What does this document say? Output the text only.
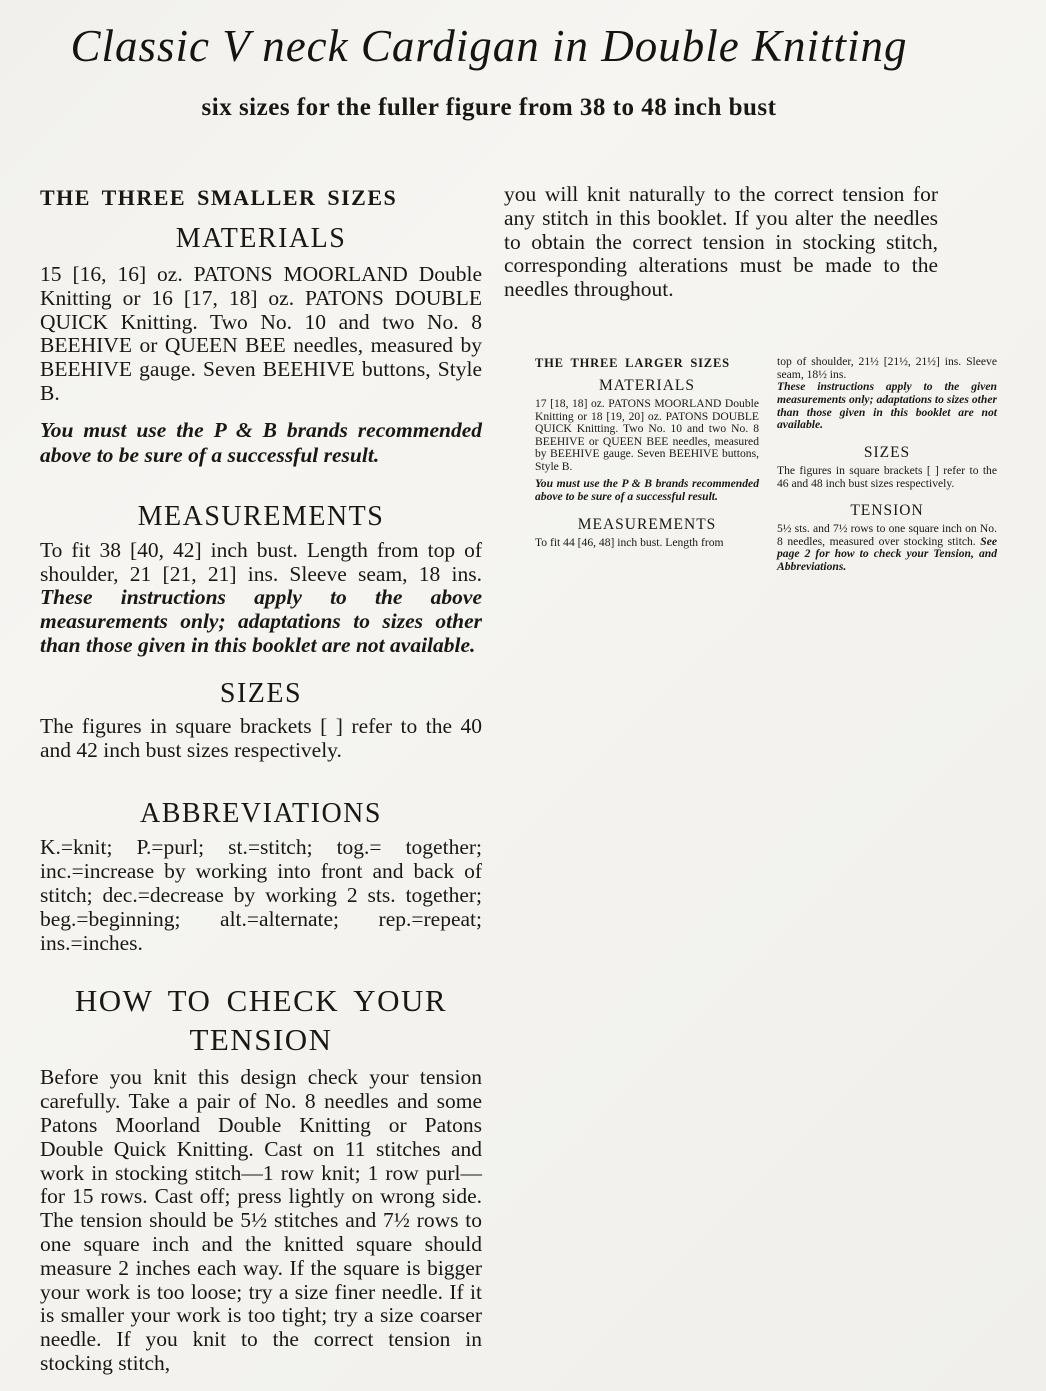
Classic V neck Cardigan in Double Knitting
six sizes for the fuller figure from 38 to 48 inch bust
THE THREE SMALLER SIZES
MATERIALS

15 [16, 16] oz. PATONS MOORLAND Double Knitting or 16 [17, 18] oz. PATONS DOUBLE QUICK Knitting. Two No. 10 and two No. 8 BEEHIVE or QUEEN BEE needles, measured by BEEHIVE gauge. Seven BEEHIVE buttons, Style B.

You must use the P & B brands recommended above to be sure of a successful result.

MEASUREMENTS

To fit 38 [40, 42] inch bust. Length from top of shoulder, 21 [21, 21] ins. Sleeve seam, 18 ins. These instructions apply to the above measurements only; adaptations to sizes other than those given in this booklet are not available.

SIZES

The figures in square brackets [ ] refer to the 40 and 42 inch bust sizes respectively.

ABBREVIATIONS

K.=knit; P.=purl; st.=stitch; tog.= together; inc.=increase by working into front and back of stitch; dec.=decrease by working 2 sts. together; beg.=beginning; alt.=alternate; rep.=repeat; ins.=inches.

HOW TO CHECK YOUR
TENSION

Before you knit this design check your tension carefully. Take a pair of No. 8 needles and some Patons Moorland Double Knitting or Patons Double Quick Knitting. Cast on 11 stitches and work in stocking stitch—1 row knit; 1 row purl—for 15 rows. Cast off; press lightly on wrong side. The tension should be 5½ stitches and 7½ rows to one square inch and the knitted square should measure 2 inches each way. If the square is bigger your work is too loose; try a size finer needle. If it is smaller your work is too tight; try a size coarser needle. If you knit to the correct tension in stocking stitch,

you will knit naturally to the correct tension for any stitch in this booklet. If you alter the needles to obtain the correct tension in stocking stitch, corresponding alterations must be made to the needles throughout.

THE THREE LARGER SIZES
MATERIALS

17 [18, 18] oz. PATONS MOORLAND Double Knitting or 18 [19, 20] oz. PATONS DOUBLE QUICK Knitting. Two No. 10 and two No. 8 BEEHIVE or QUEEN BEE needles, measured by BEEHIVE gauge. Seven BEEHIVE buttons, Style B.

You must use the P & B brands recommended above to be sure of a successful result.

MEASUREMENTS

To fit 44 [46, 48] inch bust. Length from

top of shoulder, 21½ [21½, 21½] ins. Sleeve seam, 18½ ins.

These instructions apply to the given measurements only; adaptations to sizes other than those given in this booklet are not available.

SIZES

The figures in square brackets [ ] refer to the 46 and 48 inch bust sizes respectively.

TENSION

5½ sts. and 7½ rows to one square inch on No. 8 needles, measured over stocking stitch. See page 2 for how to check your Tension, and Abbreviations.
